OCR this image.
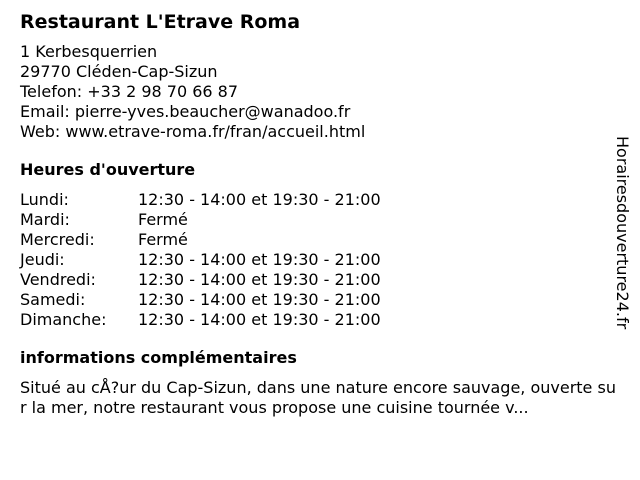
Restaurant L'Etrave Roma
1 Kerbesquerrien
29770 Cléden-Cap-Sizun
Telefon: +33 2 98 70 66 87
Email: pierre-yves.beaucher@wanadoo.fr
Web: www.etrave-roma.fr/fran/accueil.html
Heures d'ouverture
Lundi:	12:30 - 14:00 et 19:30 - 21:00
Mardi:	Fermé
Mercredi:	Fermé
Jeudi:	12:30 - 14:00 et 19:30 - 21:00
Vendredi:	12:30 - 14:00 et 19:30 - 21:00
Samedi:	12:30 - 14:00 et 19:30 - 21:00
Dimanche:	12:30 - 14:00 et 19:30 - 21:00
informations complémentaires
Situé au cÅ?ur du Cap-Sizun, dans une nature encore sauvage, ouverte sur la mer, notre restaurant vous propose une cuisine tournée v...
Horairesdouverture24.fr
